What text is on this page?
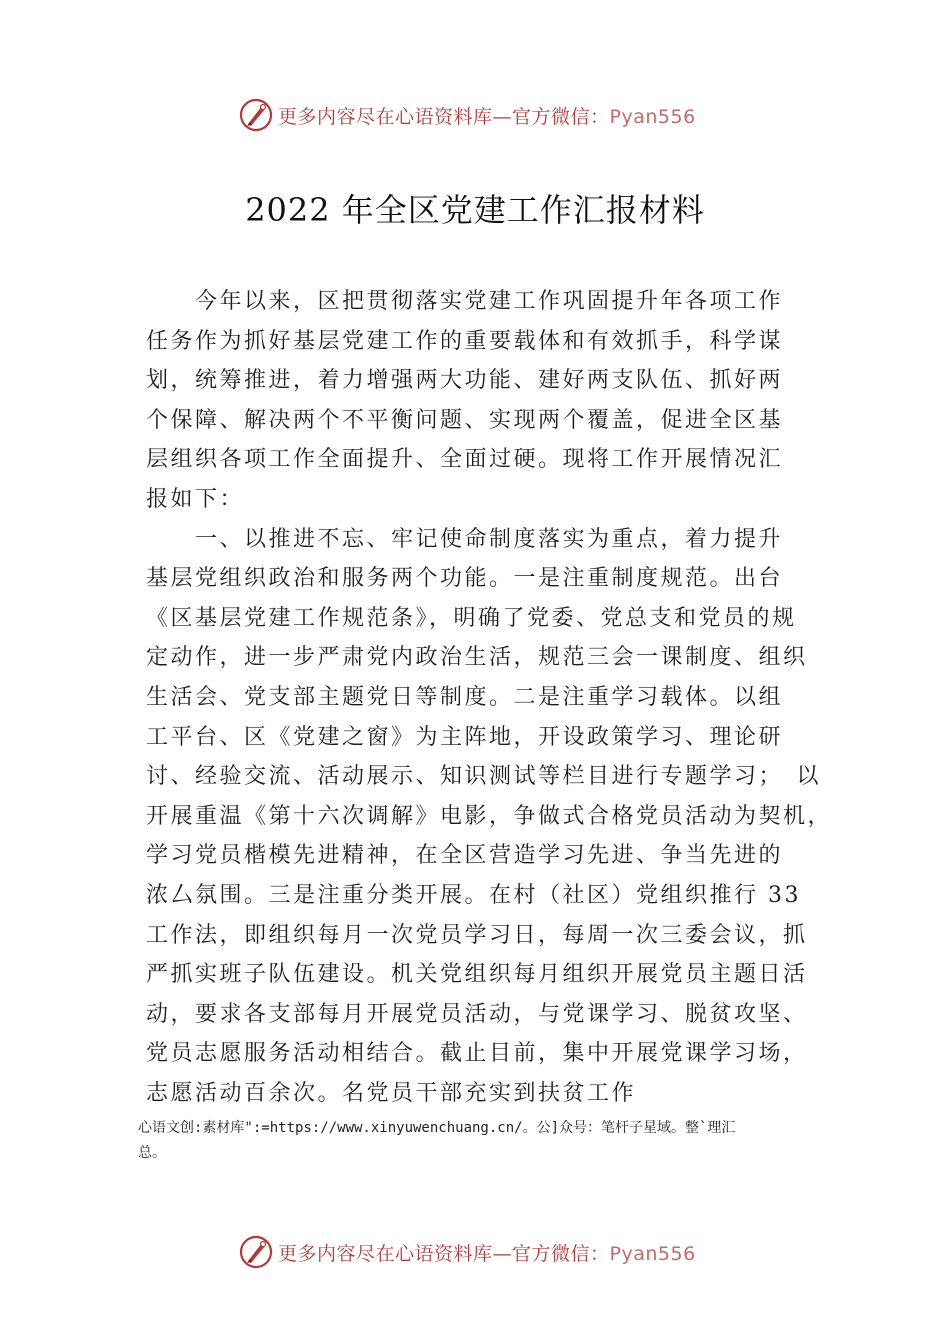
更多内容尽在心语资料库—官方微信：Pyan556
2022 年全区党建工作汇报材料
　　今年以来，区把贯彻落实党建工作巩固提升年各项工作
任务作为抓好基层党建工作的重要载体和有效抓手，科学谋
划，统筹推进，着力增强两大功能、建好两支队伍、抓好两
个保障、解决两个不平衡问题、实现两个覆盖，促进全区基
层组织各项工作全面提升、全面过硬。现将工作开展情况汇
报如下：
　　一、以推进不忘、牢记使命制度落实为重点，着力提升
基层党组织政治和服务两个功能。一是注重制度规范。出台
《区基层党建工作规范条》，明确了党委、党总支和党员的规
定动作，进一步严肃党内政治生活，规范三会一课制度、组织
生活会、党支部主题党日等制度。二是注重学习载体。以组
工平台、区《党建之窗》为主阵地，开设政策学习、理论研
讨、经验交流、活动展示、知识测试等栏目进行专题学习；　以
开展重温《第十六次调解》电影，争做式合格党员活动为契机，
学习党员楷模先进精神，在全区营造学习先进、争当先进的
浓厶氛围。三是注重分类开展。在村（社区）党组织推行 33
工作法，即组织每月一次党员学习日，每周一次三委会议，抓
严抓实班子队伍建设。机关党组织每月组织开展党员主题日活
动，要求各支部每月开展党员活动，与党课学习、脱贫攻坚、
党员志愿服务活动相结合。截止目前，集中开展党课学习场，
志愿活动百余次。名党员干部充实到扶贫工作
心语文创:素材库":=https://www.xinyuwenchuang.cn/。公]众号：笔杆子星域。整`理汇
总。
更多内容尽在心语资料库—官方微信：Pyan556
